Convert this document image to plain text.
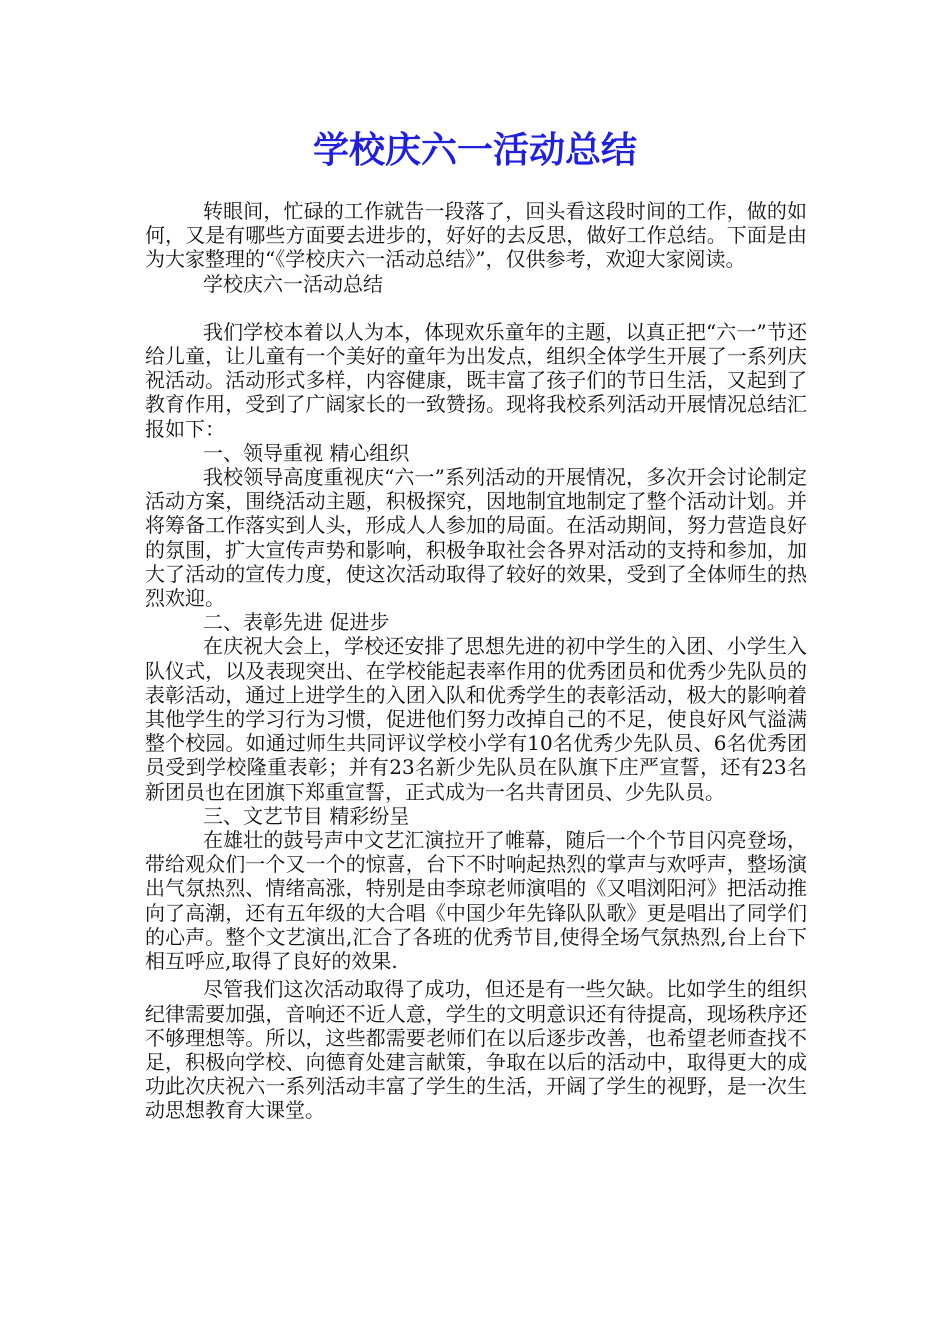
学校庆六一活动总结

转眼间，忙碌的工作就告一段落了，回头看这段时间的工作，做的如何，又是有哪些方面要去进步的，好好的去反思，做好工作总结。下面是由为大家整理的“《学校庆六一活动总结》”，仅供参考，欢迎大家阅读。

学校庆六一活动总结

我们学校本着以人为本，体现欢乐童年的主题，以真正把“六一”节还给儿童，让儿童有一个美好的童年为出发点，组织全体学生开展了一系列庆祝活动。活动形式多样，内容健康，既丰富了孩子们的节日生活，又起到了教育作用，受到了广阔家长的一致赞扬。现将我校系列活动开展情况总结汇报如下：

一、领导重视 精心组织

我校领导高度重视庆“六一”系列活动的开展情况，多次开会讨论制定活动方案，围绕活动主题，积极探究，因地制宜地制定了整个活动计划。并将筹备工作落实到人头，形成人人参加的局面。在活动期间，努力营造良好的氛围，扩大宣传声势和影响，积极争取社会各界对活动的支持和参加，加大了活动的宣传力度，使这次活动取得了较好的效果，受到了全体师生的热烈欢迎。

二、表彰先进 促进步

在庆祝大会上，学校还安排了思想先进的初中学生的入团、小学生入队仪式，以及表现突出、在学校能起表率作用的优秀团员和优秀少先队员的表彰活动，通过上进学生的入团入队和优秀学生的表彰活动，极大的影响着其他学生的学习行为习惯，促进他们努力改掉自己的不足，使良好风气溢满整个校园。如通过师生共同评议学校小学有10名优秀少先队员、6名优秀团员受到学校隆重表彰；并有23名新少先队员在队旗下庄严宣誓，还有23名新团员也在团旗下郑重宣誓，正式成为一名共青团员、少先队员。

三、文艺节目 精彩纷呈

在雄壮的鼓号声中文艺汇演拉开了帷幕，随后一个个节目闪亮登场，带给观众们一个又一个的惊喜，台下不时响起热烈的掌声与欢呼声，整场演出气氛热烈、情绪高涨，特别是由李琼老师演唱的《又唱浏阳河》把活动推向了高潮，还有五年级的大合唱《中国少年先锋队队歌》更是唱出了同学们的心声。整个文艺演出,汇合了各班的优秀节目,使得全场气氛热烈,台上台下相互呼应,取得了良好的效果.

尽管我们这次活动取得了成功，但还是有一些欠缺。比如学生的组织纪律需要加强，音响还不近人意，学生的文明意识还有待提高，现场秩序还不够理想等。所以，这些都需要老师们在以后逐步改善，也希望老师查找不足，积极向学校、向德育处建言献策，争取在以后的活动中，取得更大的成功此次庆祝六一系列活动丰富了学生的生活，开阔了学生的视野，是一次生动思想教育大课堂。
